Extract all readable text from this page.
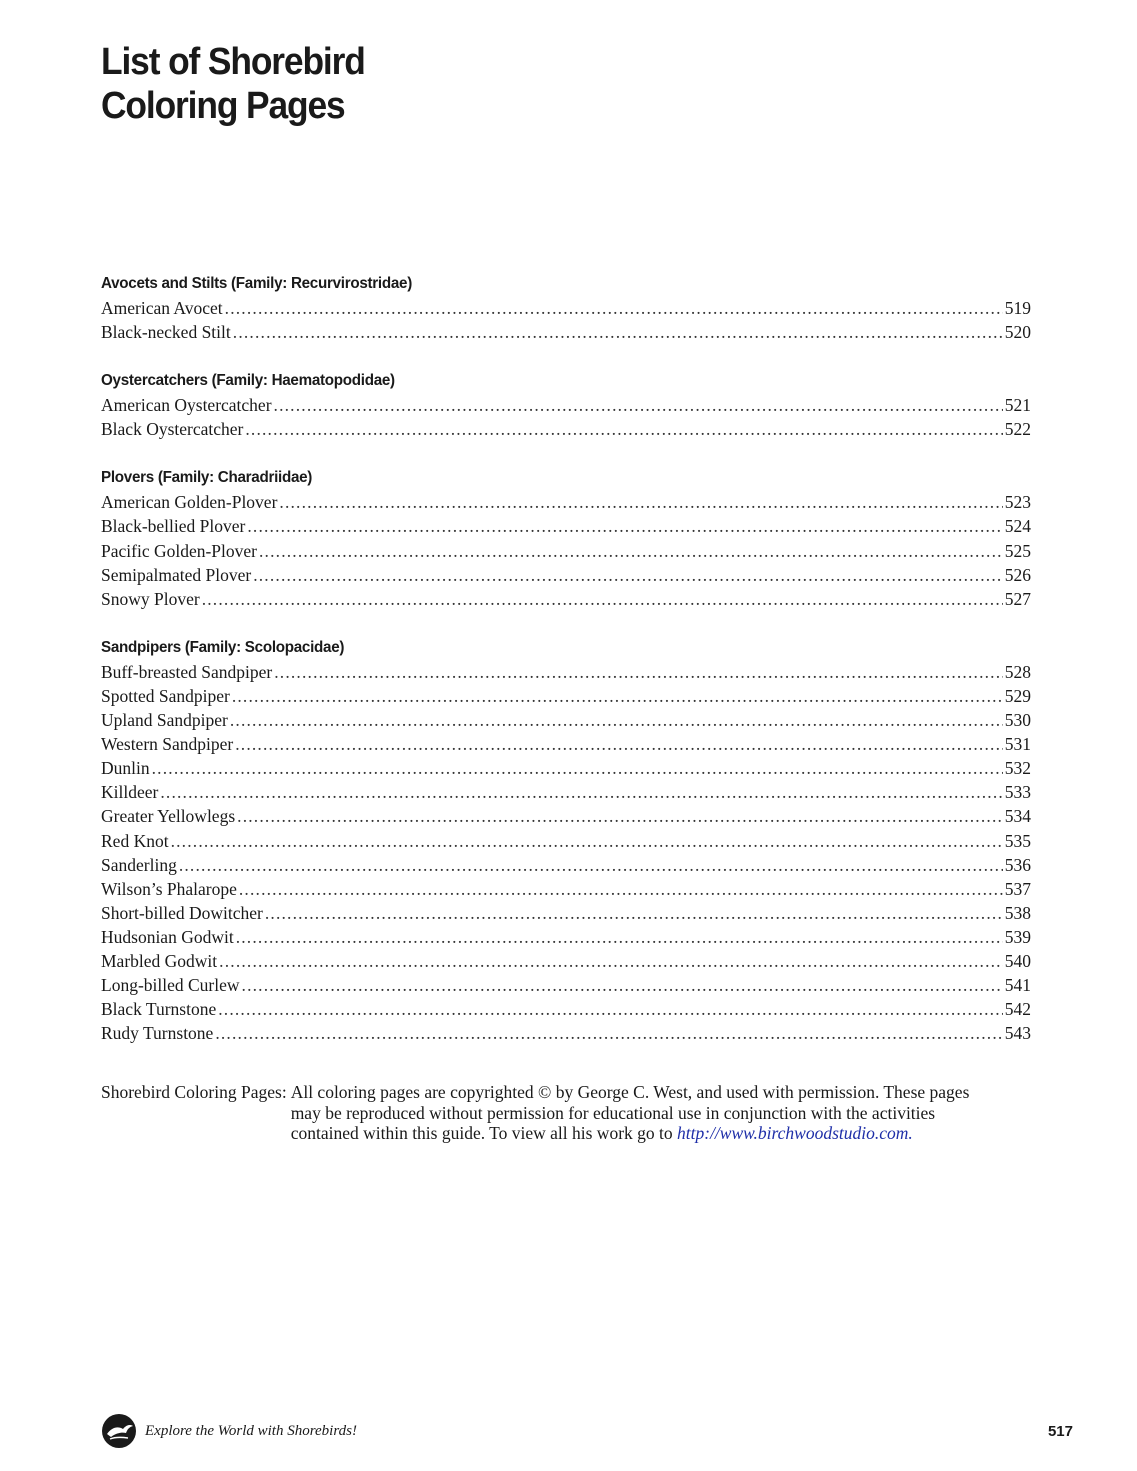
List of Shorebird
Coloring Pages
Avocets and Stilts (Family: Recurvirostridae)
American Avocet . . .	519
Black-necked Stilt . . .	520
Oystercatchers (Family: Haematopodidae)
American Oystercatcher . . .	521
Black Oystercatcher . . .	522
Plovers (Family: Charadriidae)
American Golden-Plover . . .	523
Black-bellied Plover . . .	524
Pacific Golden-Plover . . .	525
Semipalmated Plover . . .	526
Snowy Plover . . .	527
Sandpipers (Family: Scolopacidae)
Buff-breasted Sandpiper . . .	528
Spotted Sandpiper . . .	529
Upland Sandpiper . . .	530
Western Sandpiper . . .	531
Dunlin . . .	532
Killdeer . . .	533
Greater Yellowlegs . . .	534
Red Knot . . .	535
Sanderling . . .	536
Wilson’s Phalarope . . .	537
Short-billed Dowitcher . . .	538
Hudsonian Godwit . . .	539
Marbled Godwit . . .	540
Long-billed Curlew . . .	541
Black Turnstone . . .	542
Rudy Turnstone . . .	543
Shorebird Coloring Pages: All coloring pages are copyrighted © by George C. West, and used with permission. These pages may be reproduced without permission for educational use in conjunction with the activities contained within this guide. To view all his work go to http://www.birchwoodstudio.com.
Explore the World with Shorebirds!	517
